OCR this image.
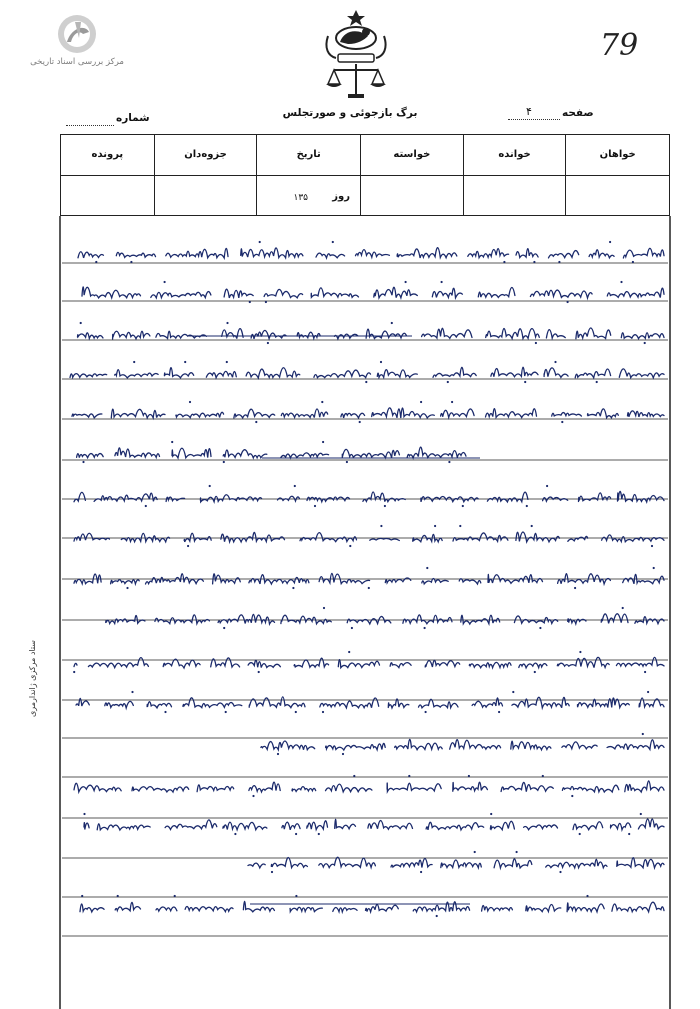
مرکز بررسی اسناد تاریخی	79
برگ بازجوئی و صورتجلس	صفحه
۴
شماره
خواهان
خوانده
خواسته
تاریخ
روز
۱۳۵
جزوه‌دان
پرونده
ستاد مرکزی ژاندارمری
